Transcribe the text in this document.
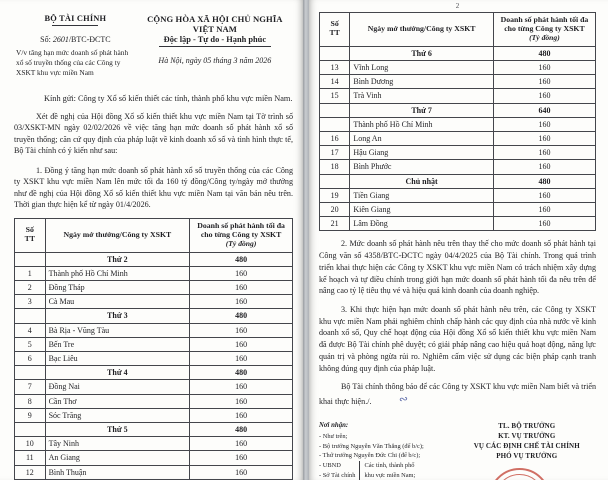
BỘ TÀI CHÍNH
Số: 2601/BTC-ĐCTC
V/v tăng hạn mức doanh số phát hành xổ số truyền thống của các Công ty XSKT khu vực miền Nam
CỘNG HÒA XÃ HỘI CHỦ NGHĨA VIỆT NAM
Độc lập - Tự do - Hạnh phúc
Hà Nội, ngày 05 tháng 3 năm 2026
Kính gửi: Công ty Xổ số kiến thiết các tỉnh, thành phố khu vực miền Nam.
Xét đề nghị của Hội đồng Xổ số kiến thiết khu vực miền Nam tại Tờ trình số 03/XSKT-MN ngày 02/02/2026 về việc tăng hạn mức doanh số phát hành xổ số truyền thống; căn cứ quy định của pháp luật về kinh doanh xổ số và tình hình thực tế, Bộ Tài chính có ý kiến như sau:
1. Đồng ý tăng hạn mức doanh số phát hành xổ số truyền thống của các Công ty XSKT khu vực miền Nam lên mức tối đa 160 tỷ đồng/Công ty/ngày mở thưởng như đề nghị của Hội đồng Xổ số kiến thiết khu vực miền Nam tại văn bản nêu trên. Thời gian thực hiện kể từ ngày 01/4/2026.
Số
TT	Ngày mở thưởng/Công ty XSKT	Doanh số phát hành tối đa
cho từng Công ty XSKT
(Tỷ đồng)
	Thứ 2	480
1	Thành phố Hồ Chí Minh	160
2	Đồng Tháp	160
3	Cà Mau	160
	Thứ 3	480
4	Bà Rịa - Vũng Tàu	160
5	Bến Tre	160
6	Bạc Liêu	160
	Thứ 4	480
7	Đồng Nai	160
8	Cần Thơ	160
9	Sóc Trăng	160
	Thứ 5	480
10	Tây Ninh	160
11	An Giang	160
12	Bình Thuận	160
2
Số
TT	Ngày mở thưởng/Công ty XSKT	Doanh số phát hành tối đa
cho từng Công ty XSKT
(Tỷ đồng)
	Thứ 6	480
13	Vĩnh Long	160
14	Bình Dương	160
15	Trà Vinh	160
	Thứ 7	640
	Thành phố Hồ Chí Minh	160
16	Long An	160
17	Hậu Giang	160
18	Bình Phước	160
	Chủ nhật	480
19	Tiền Giang	160
20	Kiên Giang	160
21	Lâm Đồng	160
2. Mức doanh số phát hành nêu trên thay thế cho mức doanh số phát hành tại Công văn số 4358/BTC-ĐCTC ngày 04/4/2025 của Bộ Tài chính. Trong quá trình triển khai thực hiện các Công ty XSKT khu vực miền Nam có trách nhiệm xây dựng kế hoạch và tự điều chỉnh trong giới hạn mức doanh số phát hành tối đa nêu trên để nâng cao tỷ lệ tiêu thụ vé và hiệu quả kinh doanh của doanh nghiệp.
3. Khi thực hiện hạn mức doanh số phát hành nêu trên, các Công ty XSKT khu vực miền Nam phải nghiêm chỉnh chấp hành các quy định của nhà nước về kinh doanh xổ số, Quy chế hoạt động của Hội đồng Xổ số kiến thiết khu vực miền Nam đã được Bộ Tài chính phê duyệt; có giải pháp nâng cao hiệu quả hoạt động, năng lực quản trị và phòng ngừa rủi ro. Nghiêm cấm việc sử dụng các biện pháp cạnh tranh không đúng quy định của pháp luật.
Bộ Tài chính thông báo để các Công ty XSKT khu vực miền Nam biết và triển khai thực hiện./. ∾
Nơi nhận:
- Như trên;
- Bộ trưởng Nguyễn Văn Thắng (để b/c);
- Thứ trưởng Nguyễn Đức Chi (để b/c);
- UBND
- Sở Tài chính
Các tỉnh, thành phố
khu vực miền Nam;
TL. BỘ TRƯỞNG
KT. VỤ TRƯỞNG
VỤ CÁC ĐỊNH CHẾ TÀI CHÍNH
PHÓ VỤ TRƯỞNG
